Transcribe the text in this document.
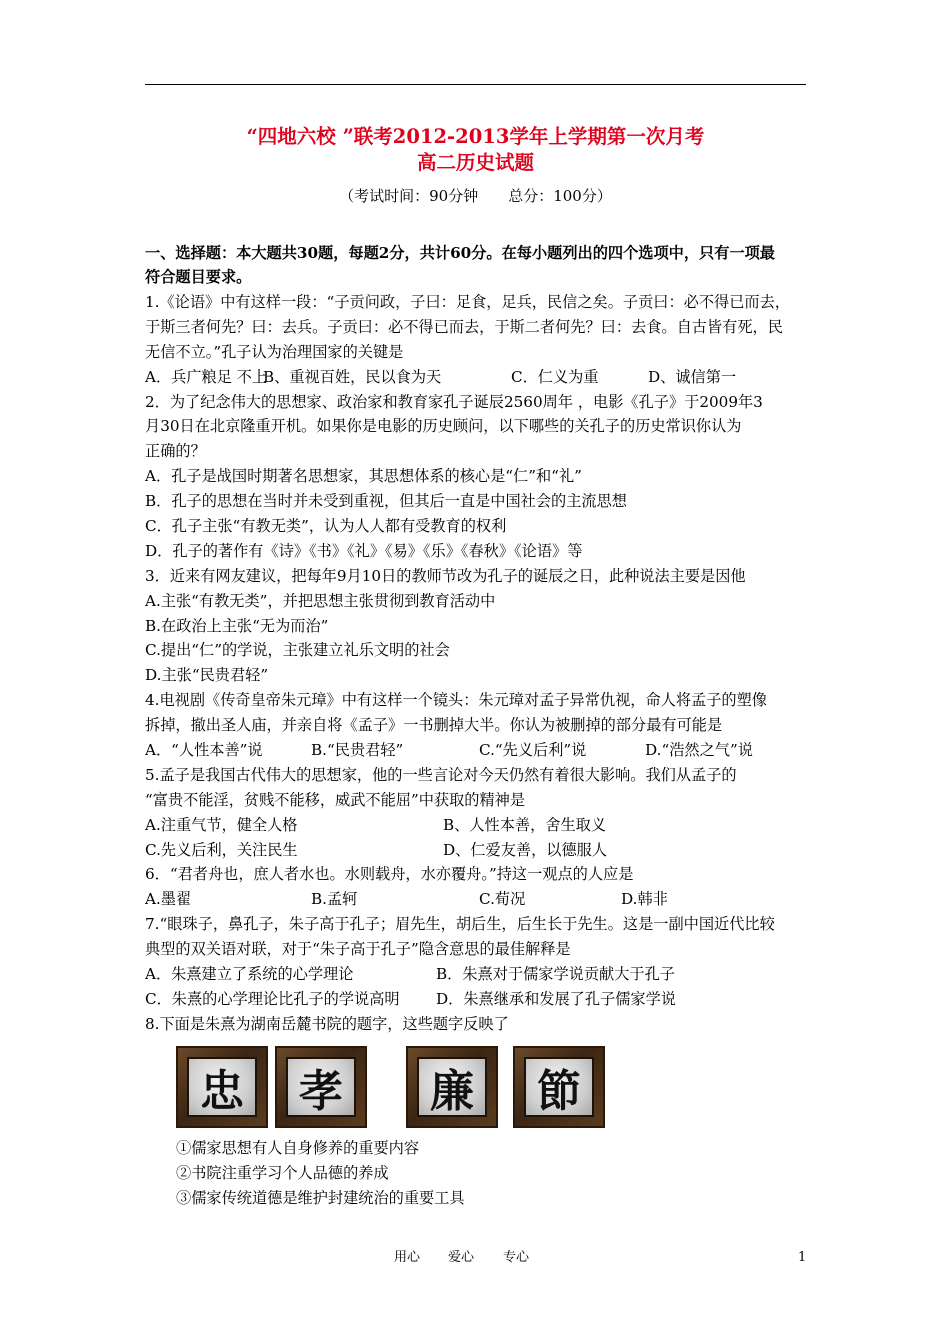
“四地六校 ”联考2012-2013学年上学期第一次月考
高二历史试题
（考试时间：90分钟　　总分：100分）
一、选择题：本大题共30题，每题2分，共计60分。在每小题列出的四个选项中，只有一项最
符合题目要求。
1.《论语》中有这样一段：“子贡问政，子曰：足食，足兵，民信之矣。子贡曰：必不得已而去，
于斯三者何先？曰：去兵。子贡曰：必不得已而去，于斯二者何先？曰：去食。自古皆有死，民
无信不立。”孔子认为治理国家的关键是
A．兵广粮足 不上
B、重视百姓，民以食为天	C．仁义为重	D、诚信第一
2．为了纪念伟大的思想家、政治家和教育家孔子诞辰2560周年 ，电影《孔子》于2009年3
月30日在北京隆重开机。如果你是电影的历史顾问，以下哪些的关孔子的历史常识你认为
正确的？
A．孔子是战国时期著名思想家，其思想体系的核心是“仁”和“礼”
B．孔子的思想在当时并未受到重视，但其后一直是中国社会的主流思想
C．孔子主张“有教无类”，认为人人都有受教育的权利
D．孔子的著作有《诗》《书》《礼》《易》《乐》《春秋》《论语》等
3．近来有网友建议，把每年9月10日的教师节改为孔子的诞辰之日，此种说法主要是因他
A.主张“有教无类”，并把思想主张贯彻到教育活动中
B.在政治上主张“无为而治”
C.提出“仁”的学说，主张建立礼乐文明的社会
D.主张“民贵君轻”
4.电视剧《传奇皇帝朱元璋》中有这样一个镜头：朱元璋对孟子异常仇视，命人将孟子的塑像
拆掉，撤出圣人庙，并亲自将《孟子》一书删掉大半。你认为被删掉的部分最有可能是
A．“人性本善”说	B.“民贵君轻”	C.“先义后利”说	D.“浩然之气”说
5.孟子是我国古代伟大的思想家，他的一些言论对今天仍然有着很大影响。我们从孟子的
“富贵不能淫，贫贱不能移，威武不能屈”中获取的精神是
A.注重气节，健全人格	B、人性本善，舍生取义
C.先义后利，关注民生	D、仁爱友善，以德服人
6．“君者舟也，庶人者水也。水则载舟，水亦覆舟。”持这一观点的人应是
A.墨翟	B.孟轲	C.荀况	D.韩非
7.“眼珠子，鼻孔子，朱子高于孔子；眉先生，胡后生，后生长于先生。这是一副中国近代比较
典型的双关语对联，对于“朱子高于孔子”隐含意思的最佳解释是
A．朱熹建立了系统的心学理论	B．朱熹对于儒家学说贡献大于孔子
C．朱熹的心学理论比孔子的学说高明 D．朱熹继承和发展了孔子儒家学说
8.下面是朱熹为湖南岳麓书院的题字，这些题字反映了
忠 孝 廉 節
①儒家思想有人自身修养的重要内容
②书院注重学习个人品德的养成
③儒家传统道德是维护封建统治的重要工具
用心 爱心 专心	1
